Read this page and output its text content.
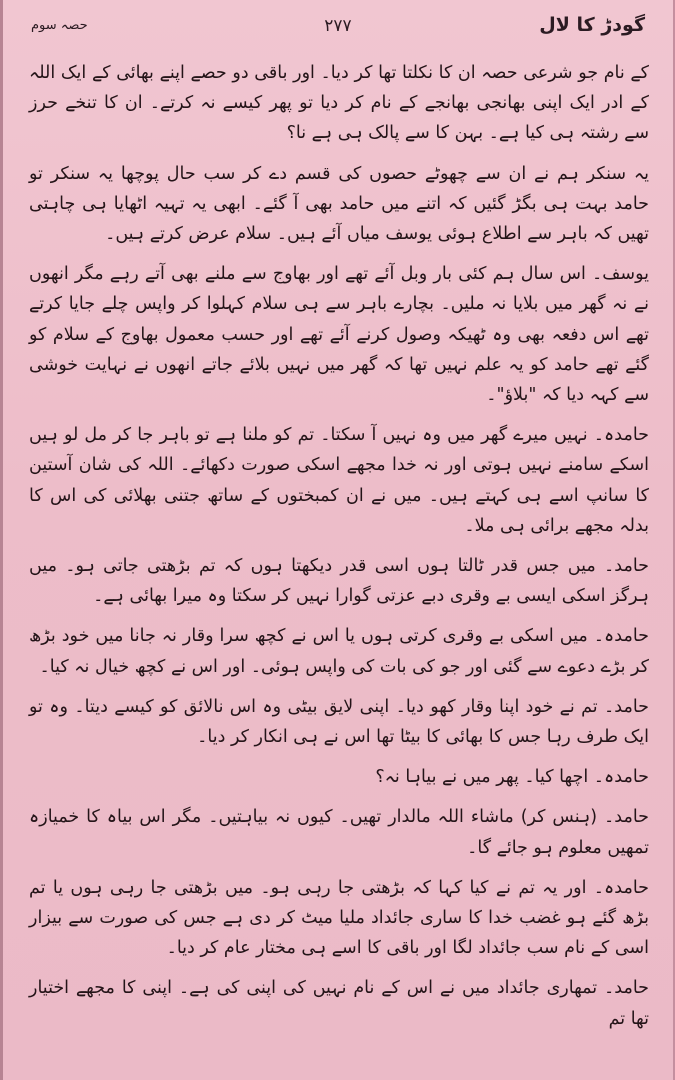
گودڑ کا لال
۲۷۷
حصہ سوم

کے نام جو شرعی حصہ ان کا نکلتا تھا کر دیا۔ اور باقی دو حصے اپنے بھائی کے ایک اللہ کے ادر ایک اپنی بھانجی بھانجے کے نام کر دیا تو پھر کیسے نہ کرتے۔ ان کا تنخے حرز سے رشتہ ہی کیا ہے۔ بہن کا سے پالک ہی ہے نا؟

یہ سنکر ہم نے ان سے چھوٹے حصوں کی قسم دے کر سب حال پوچھا یہ سنکر تو حامد بہت ہی بگڑ گئیں کہ اتنے میں حامد بھی آ گئے۔ ابھی یہ تہیہ اٹھایا ہی چاہتی تھیں کہ باہر سے اطلاع ہوئی یوسف میاں آئے ہیں۔ سلام عرض کرتے ہیں۔

یوسف۔ اس سال ہم کئی بار وبل آئے تھے اور بھاوج سے ملنے بھی آتے رہے مگر انھوں نے نہ گھر میں بلایا نہ ملیں۔ بچارے باہر سے ہی سلام کہلوا کر واپس چلے جایا کرتے تھے اس دفعہ بھی وہ ٹھیکہ وصول کرنے آئے تھے اور حسب معمول بھاوج کے سلام کو گئے تھے حامد کو یہ علم نہیں تھا کہ گھر میں نہیں بلائے جاتے انھوں نے نہایت خوشی سے کہہ دیا کہ "بلاؤ"۔

حامدہ۔ نہیں میرے گھر میں وہ نہیں آ سکتا۔ تم کو ملنا ہے تو باہر جا کر مل لو ہیں اسکے سامنے نہیں ہوتی اور نہ خدا مجھے اسکی صورت دکھائے۔ اللہ کی شان آستین کا سانپ اسے ہی کہتے ہیں۔ میں نے ان کمبختوں کے ساتھ جتنی بھلائی کی اس کا بدلہ مجھے برائی ہی ملا۔

حامد۔ میں جس قدر ٹالتا ہوں اسی قدر دیکھتا ہوں کہ تم بڑھتی جاتی ہو۔ میں ہرگز اسکی ایسی بے وقری دبے عزتی گوارا نہیں کر سکتا وہ میرا بھائی ہے۔

حامدہ۔ میں اسکی بے وقری کرتی ہوں یا اس نے کچھ سرا وقار نہ جانا میں خود بڑھ کر بڑے دعوے سے گئی اور جو کی بات کی واپس ہوئی۔ اور اس نے کچھ خیال نہ کیا۔

حامد۔ تم نے خود اپنا وقار کھو دیا۔ اپنی لایق بیٹی وہ اس نالائق کو کیسے دیتا۔ وہ تو ایک طرف رہا جس کا بھائی کا بیٹا تھا اس نے ہی انکار کر دیا۔

حامدہ۔ اچھا کیا۔ پھر میں نے بیاہا نہ؟

حامد۔ (ہنس کر) ماشاء اللہ مالدار تھیں۔ کیوں نہ بیاہتیں۔ مگر اس بیاہ کا خمیازہ تمھیں معلوم ہو جائے گا۔

حامدہ۔ اور یہ تم نے کیا کہا کہ بڑھتی جا رہی ہو۔ میں بڑھتی جا رہی ہوں یا تم بڑھ گئے ہو غضب خدا کا ساری جائداد ملیا میٹ کر دی ہے جس کی صورت سے بیزار اسی کے نام سب جائداد لگا اور باقی کا اسے ہی مختار عام کر دیا۔

حامد۔ تمھاری جائداد میں نے اس کے نام نہیں کی اپنی کی ہے۔ اپنی کا مجھے اختیار تھا تم
